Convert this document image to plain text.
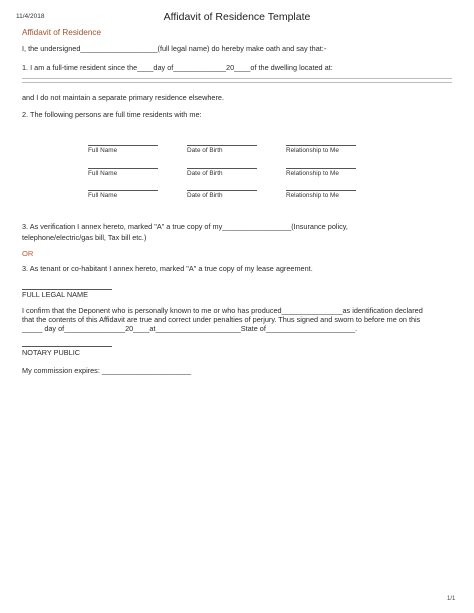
11/4/2018	Affidavit of Residence Template
Affidavit of Residence
I, the undersigned___________________(full legal name) do hereby make oath and say that:-
1. I am a full-time resident since the____day of_____________20____of the dwelling located at:
and I do not maintain a separate primary residence elsewhere.
2. The following persons are full time residents with me:
Full Name	Date of Birth	Relationship to Me
Full Name	Date of Birth	Relationship to Me
Full Name	Date of Birth	Relationship to Me
3. As verification I annex hereto, marked "A" a true copy of my_________________(Insurance policy,
telephone/electric/gas bill, Tax bill etc.)
OR
3. As tenant or co-habitant I annex hereto, marked "A" a true copy of my lease agreement.
FULL LEGAL NAME
I confirm that the Deponent who is personally known to me or who has produced_______________as identification declared
that the contents of this Affidavit are true and correct under penalties of perjury. Thus signed and sworn to before me on this
_____ day of_______________20____at_____________________State of______________________.
NOTARY PUBLIC
My commission expires: ______________________
1/1
